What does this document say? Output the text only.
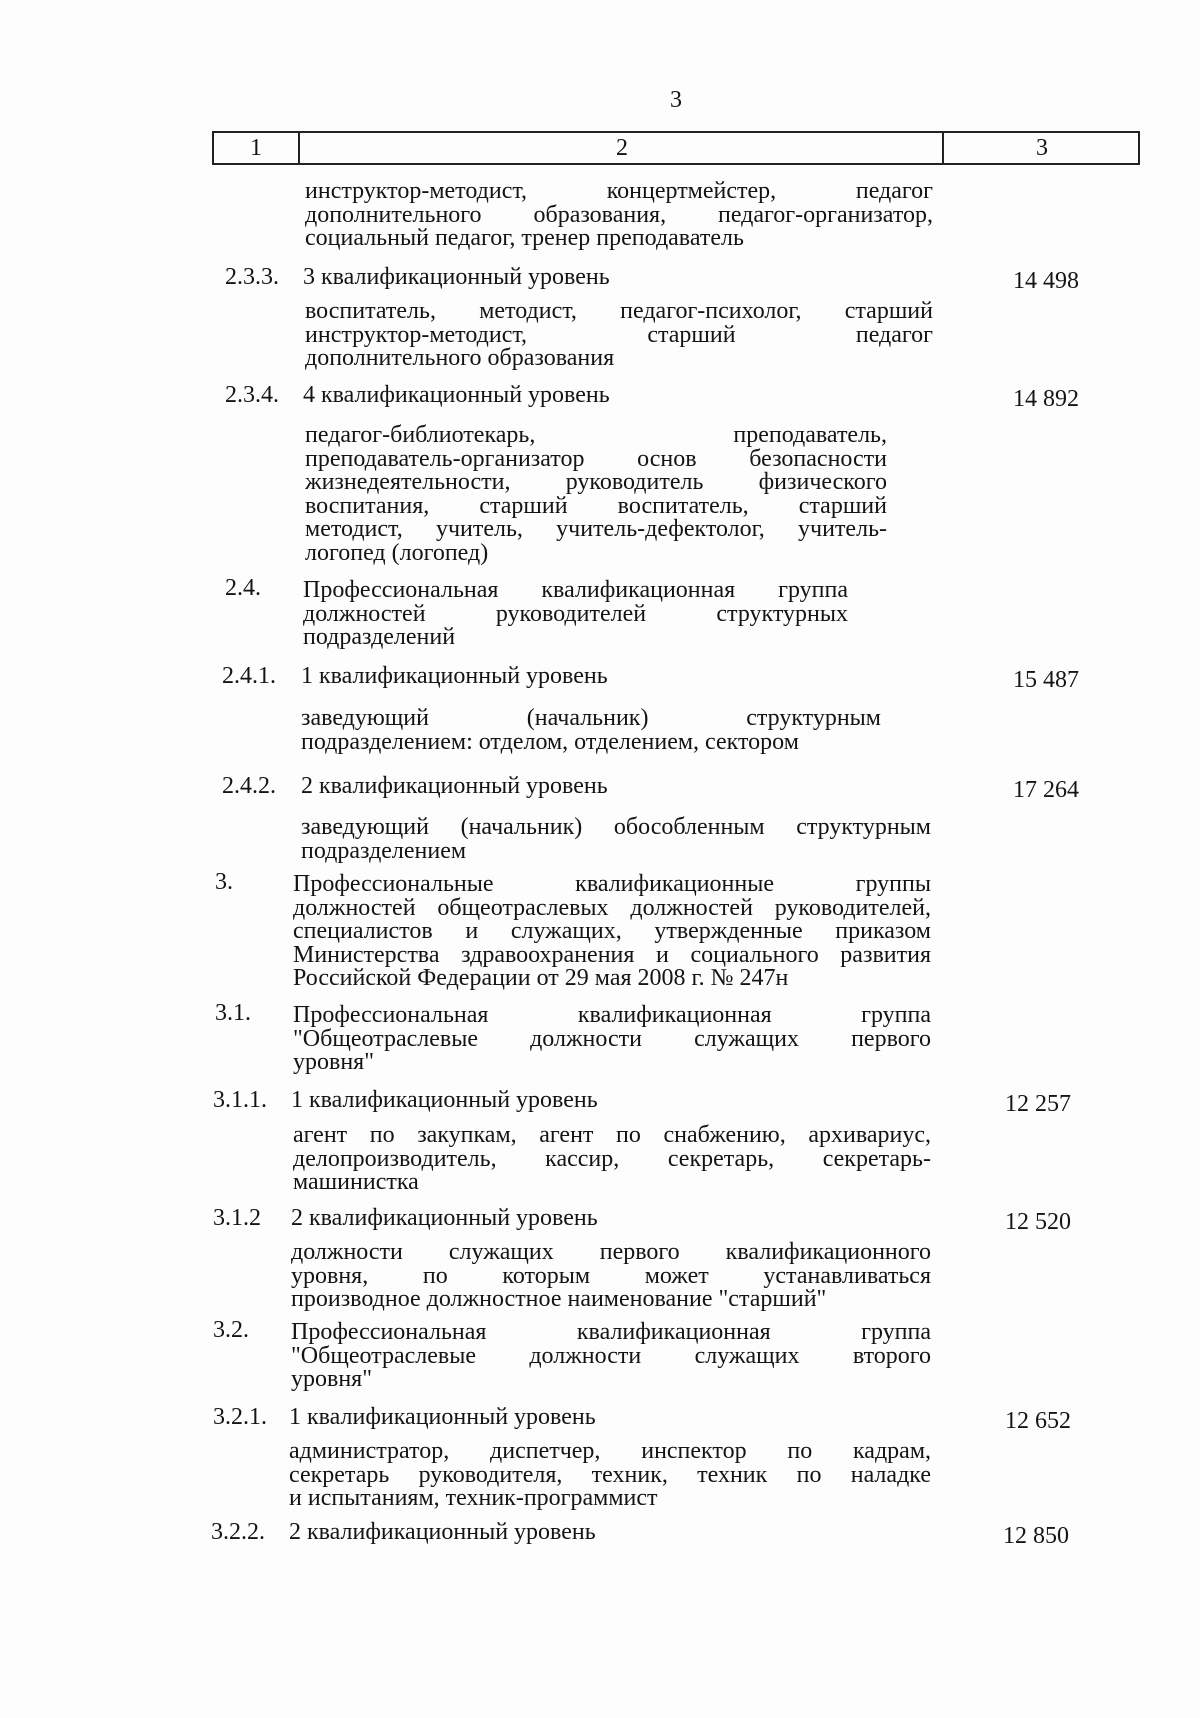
3
1	2	3
инструктор-методист, концертмейстер, педагог
дополнительного образования, педагог-организатор,
социальный педагог, тренер преподаватель
2.3.3. 3 квалификационный уровень	14 498
воспитатель, методист, педагог-психолог, старший
инструктор-методист, старший педагог
дополнительного образования
2.3.4. 4 квалификационный уровень	14 892
педагог-библиотекарь, преподаватель,
преподаватель-организатор основ безопасности
жизнедеятельности, руководитель физического
воспитания, старший воспитатель, старший
методист, учитель, учитель-дефектолог, учитель-
логопед (логопед)
2.4. Профессиональная квалификационная группа
должностей руководителей структурных
подразделений
2.4.1. 1 квалификационный уровень	15 487
заведующий (начальник) структурным
подразделением: отделом, отделением, сектором
2.4.2. 2 квалификационный уровень	17 264
заведующий (начальник) обособленным структурным
подразделением
3.	Профессиональные квалификационные группы
должностей общеотраслевых должностей руководителей,
специалистов и служащих, утвержденные приказом
Министерства здравоохранения и социального развития
Российской Федерации от 29 мая 2008 г. № 247н
3.1. Профессиональная квалификационная группа
"Общеотраслевые должности служащих первого
уровня"
3.1.1. 1 квалификационный уровень	12 257
агент по закупкам, агент по снабжению, архивариус,
делопроизводитель, кассир, секретарь, секретарь-
машинистка
3.1.2 2 квалификационный уровень	12 520
должности служащих первого квалификационного
уровня, по которым может устанавливаться
производное должностное наименование "старший"
3.2. Профессиональная квалификационная группа
"Общеотраслевые должности служащих второго
уровня"
3.2.1. 1 квалификационный уровень	12 652
администратор, диспетчер, инспектор по кадрам,
секретарь руководителя, техник, техник по наладке
и испытаниям, техник-программист
3.2.2. 2 квалификационный уровень	12 850
